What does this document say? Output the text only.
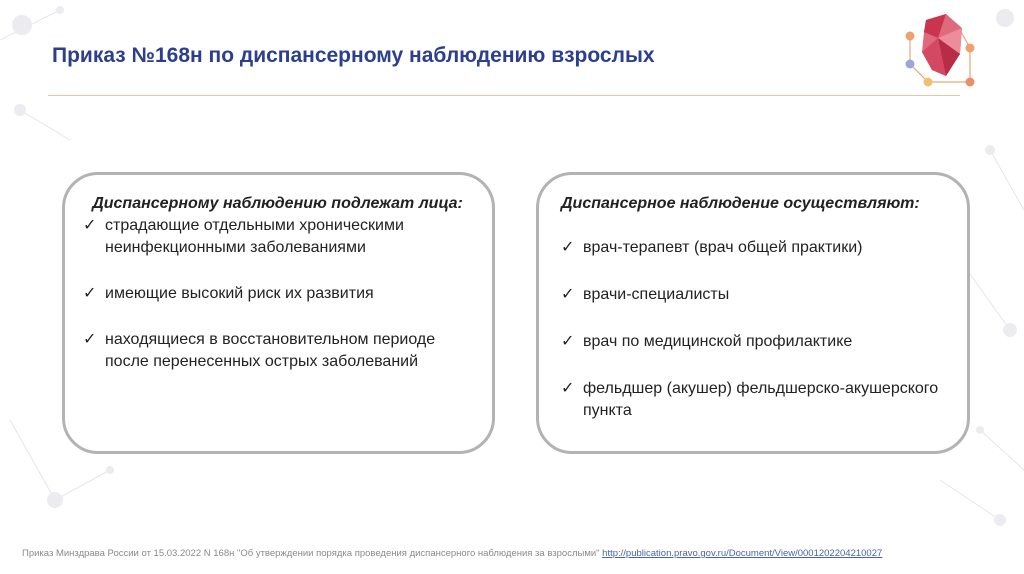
Приказ №168н по диспансерному наблюдению взрослых

Диспансерному наблюдению подлежат лица:

✓ страдающие отдельными хроническими неинфекционными заболеваниями
✓ имеющие высокий риск их развития
✓ находящиеся в восстановительном периоде после перенесенных острых заболеваний

Диспансерное наблюдение осуществляют:

✓ врач-терапевт (врач общей практики)
✓ врачи-специалисты
✓ врач по медицинской профилактике
✓ фельдшер (акушер) фельдшерско-акушерского пункта
Приказ Минздрава России от 15.03.2022 N 168н "Об утверждении порядка проведения диспансерного наблюдения за взрослыми" http://publication.pravo.gov.ru/Document/View/0001202204210027
